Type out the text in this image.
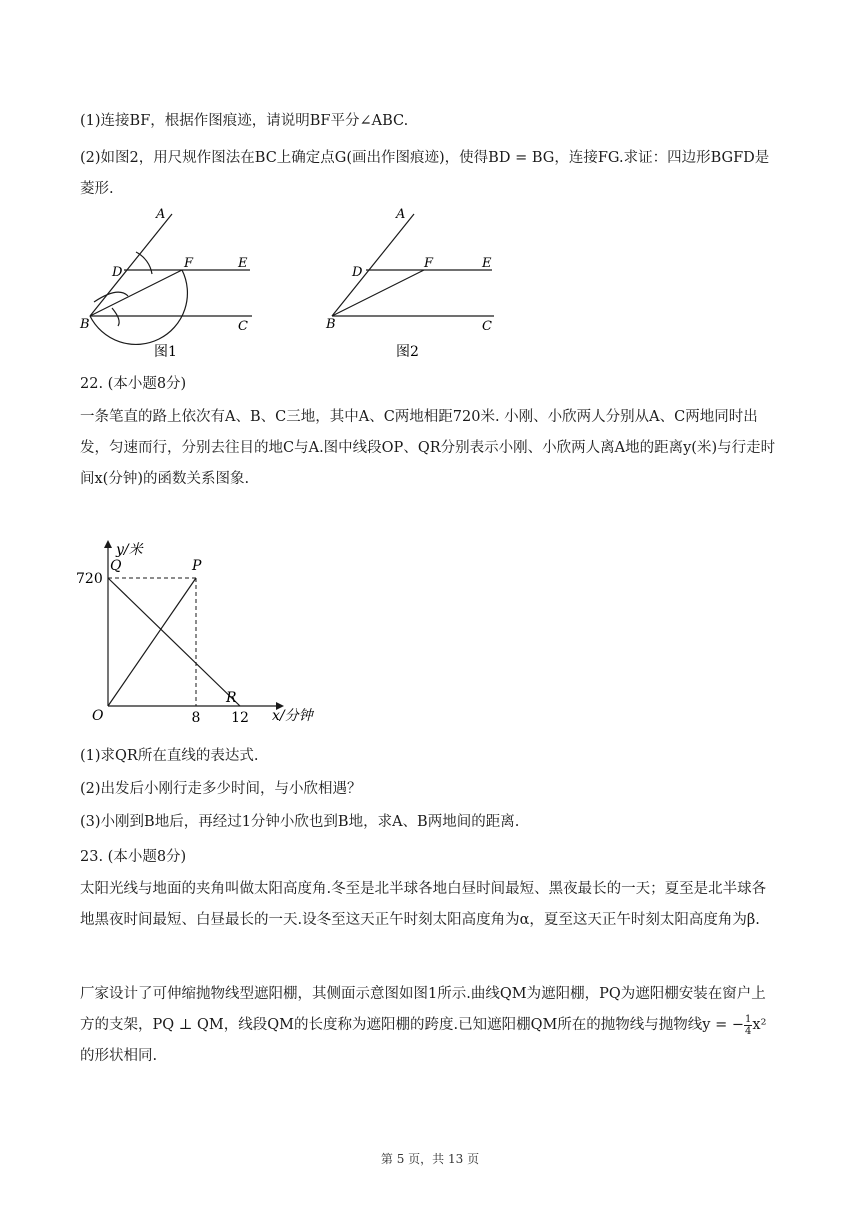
(1)连接BF，根据作图痕迹，请说明BF平分∠ABC.

(2)如图2，用尺规作图法在BC上确定点G(画出作图痕迹)，使得BD = BG，连接FG.求证：四边形BGFD是菱形.

A
D
F	E
B	C
图1
A
D
F	E
B	C
图2

22. (本小题8分)

一条笔直的路上依次有A、B、C三地，其中A、C两地相距720米. 小刚、小欣两人分别从A、C两地同时出发，匀速而行，分别去往目的地C与A.图中线段OP、QR分别表示小刚、小欣两人离A地的距离y(米)与行走时间x(分钟)的函数关系图象.

y/米
x/分钟
720
8 12
O
Q	P
R

(1)求QR所在直线的表达式.

(2)出发后小刚行走多少时间，与小欣相遇？

(3)小刚到B地后，再经过1分钟小欣也到B地，求A、B两地间的距离.

23. (本小题8分)

太阳光线与地面的夹角叫做太阳高度角.冬至是北半球各地白昼时间最短、黑夜最长的一天；夏至是北半球各地黑夜时间最短、白昼最长的一天.设冬至这天正午时刻太阳高度角为α，夏至这天正午时刻太阳高度角为β.

厂家设计了可伸缩抛物线型遮阳棚，其侧面示意图如图1所示.曲线QM为遮阳棚，PQ为遮阳棚安装在窗户上方的支架，PQ ⊥ QM，线段QM的长度称为遮阳棚的跨度.已知遮阳棚QM所在的抛物线与抛物线y = − $\frac{1}{4} x^2$的形状相同.

第 5 页，共 13 页
